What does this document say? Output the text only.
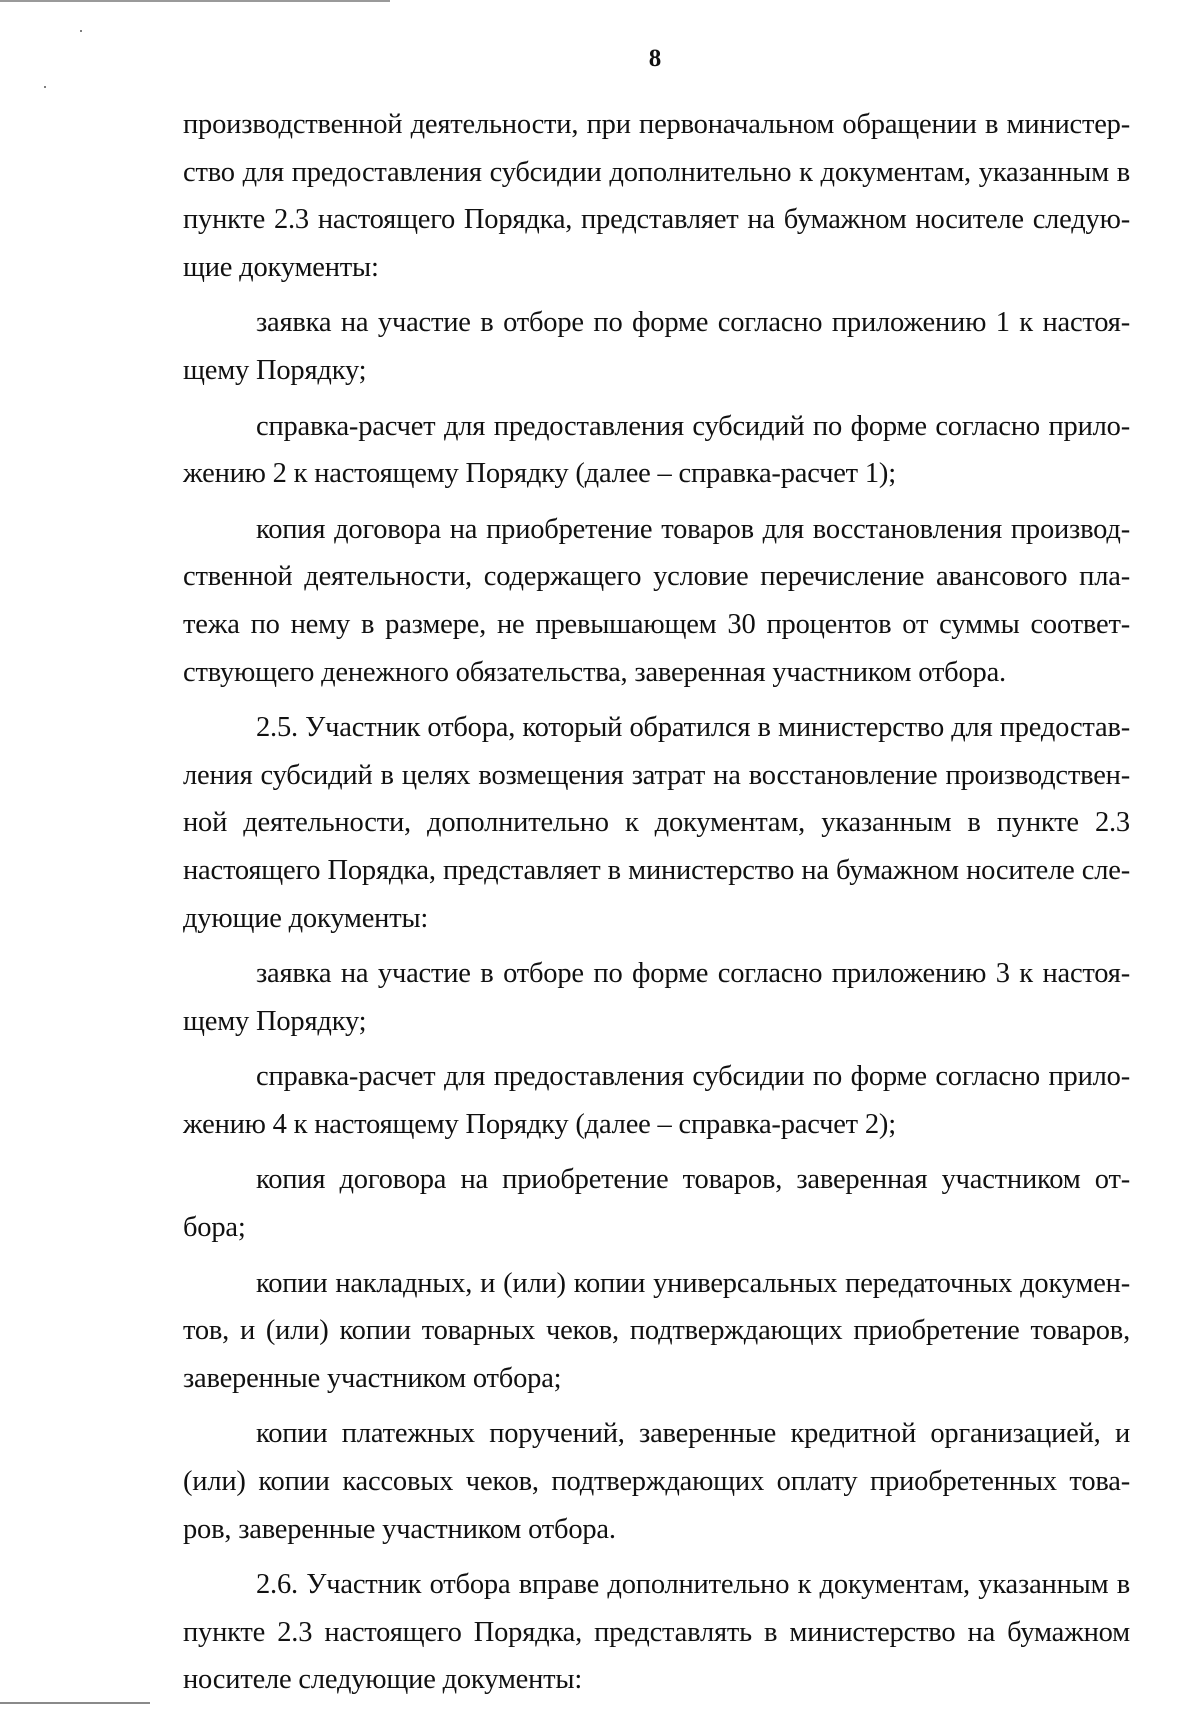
8

производственной деятельности, при первоначальном обращении в министер-
ство для предоставления субсидии дополнительно к документам, указанным в
пункте 2.3 настоящего Порядка, представляет на бумажном носителе следую-
щие документы:

заявка на участие в отборе по форме согласно приложению 1 к настоя-
щему Порядку;

справка-расчет для предоставления субсидий по форме согласно прило-
жению 2 к настоящему Порядку (далее – справка-расчет 1);

копия договора на приобретение товаров для восстановления производ-
ственной деятельности, содержащего условие перечисление авансового пла-
тежа по нему в размере, не превышающем 30 процентов от суммы соответ-
ствующего денежного обязательства, заверенная участником отбора.

2.5. Участник отбора, который обратился в министерство для предостав-
ления субсидий в целях возмещения затрат на восстановление производствен-
ной деятельности, дополнительно к документам, указанным в пункте 2.3
настоящего Порядка, представляет в министерство на бумажном носителе сле-
дующие документы:

заявка на участие в отборе по форме согласно приложению 3 к настоя-
щему Порядку;

справка-расчет для предоставления субсидии по форме согласно прило-
жению 4 к настоящему Порядку (далее – справка-расчет 2);

копия договора на приобретение товаров, заверенная участником от-
бора;

копии накладных, и (или) копии универсальных передаточных докумен-
тов, и (или) копии товарных чеков, подтверждающих приобретение товаров,
заверенные участником отбора;

копии платежных поручений, заверенные кредитной организацией, и
(или) копии кассовых чеков, подтверждающих оплату приобретенных това-
ров, заверенные участником отбора.

2.6. Участник отбора вправе дополнительно к документам, указанным в
пункте 2.3 настоящего Порядка, представлять в министерство на бумажном
носителе следующие документы:
